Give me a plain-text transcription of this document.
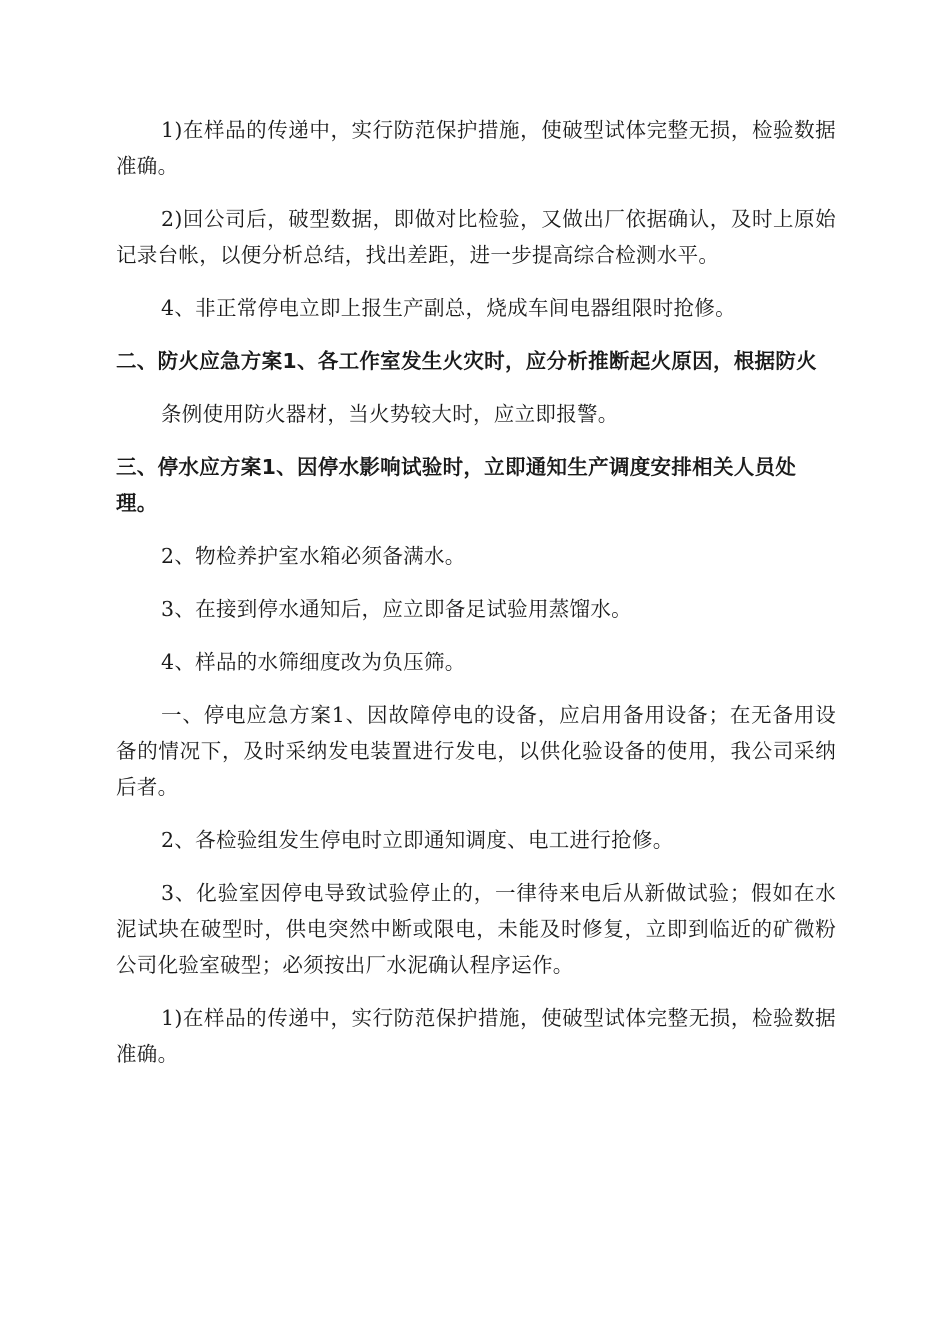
1)在样品的传递中，实行防范保护措施，使破型试体完整无损，检验数据准确。

2)回公司后，破型数据，即做对比检验，又做出厂依据确认，及时上原始记录台帐，以便分析总结，找出差距，进一步提高综合检测水平。

4、非正常停电立即上报生产副总，烧成车间电器组限时抢修。

二、防火应急方案1、各工作室发生火灾时，应分析推断起火原因，根据防火

条例使用防火器材，当火势较大时，应立即报警。

三、停水应方案1、因停水影响试验时，立即通知生产调度安排相关人员处理。

2、物检养护室水箱必须备满水。

3、在接到停水通知后，应立即备足试验用蒸馏水。

4、样品的水筛细度改为负压筛。

一、停电应急方案1、因故障停电的设备，应启用备用设备；在无备用设备的情况下，及时采纳发电装置进行发电，以供化验设备的使用，我公司采纳后者。

2、各检验组发生停电时立即通知调度、电工进行抢修。

3、化验室因停电导致试验停止的，一律待来电后从新做试验；假如在水泥试块在破型时，供电突然中断或限电，未能及时修复，立即到临近的矿微粉公司化验室破型；必须按出厂水泥确认程序运作。

1)在样品的传递中，实行防范保护措施，使破型试体完整无损，检验数据准确。
